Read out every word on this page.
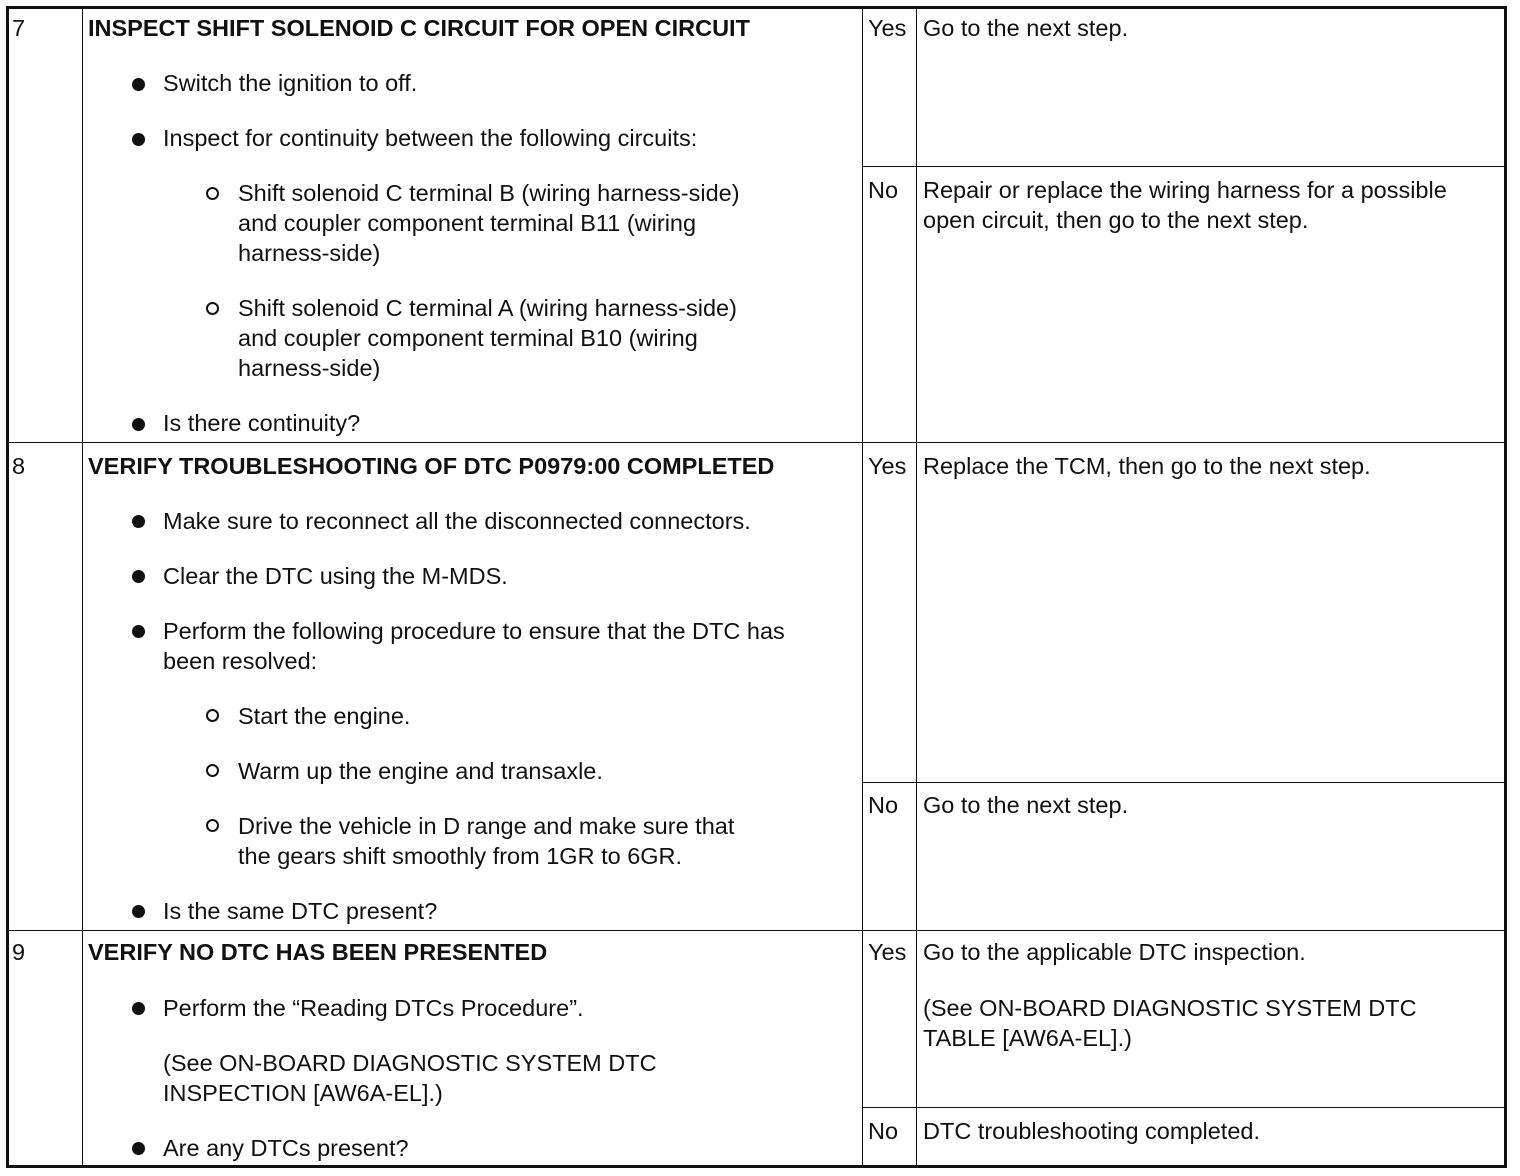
7	INSPECT SHIFT SOLENOID C CIRCUIT FOR OPEN CIRCUIT
Switch the ignition to off.
Inspect for continuity between the following circuits:
Shift solenoid C terminal B (wiring harness-side)
and coupler component terminal B11 (wiring
harness-side)
Shift solenoid C terminal A (wiring harness-side)
and coupler component terminal B10 (wiring
harness-side)
Is there continuity?
Yes Go to the next step.
No Repair or replace the wiring harness for a possible
open circuit, then go to the next step.
8	VERIFY TROUBLESHOOTING OF DTC P0979:00 COMPLETED
Make sure to reconnect all the disconnected connectors.
Clear the DTC using the M-MDS.
Perform the following procedure to ensure that the DTC has
been resolved:
Start the engine.
Warm up the engine and transaxle.
Drive the vehicle in D range and make sure that
the gears shift smoothly from 1GR to 6GR.
Is the same DTC present?
Yes Replace the TCM, then go to the next step.
No Go to the next step.
9	VERIFY NO DTC HAS BEEN PRESENTED
Perform the “Reading DTCs Procedure”.
(See ON-BOARD DIAGNOSTIC SYSTEM DTC
INSPECTION [AW6A-EL].)
Are any DTCs present?
Yes Go to the applicable DTC inspection.
(See ON-BOARD DIAGNOSTIC SYSTEM DTC
TABLE [AW6A-EL].)
No DTC troubleshooting completed.
